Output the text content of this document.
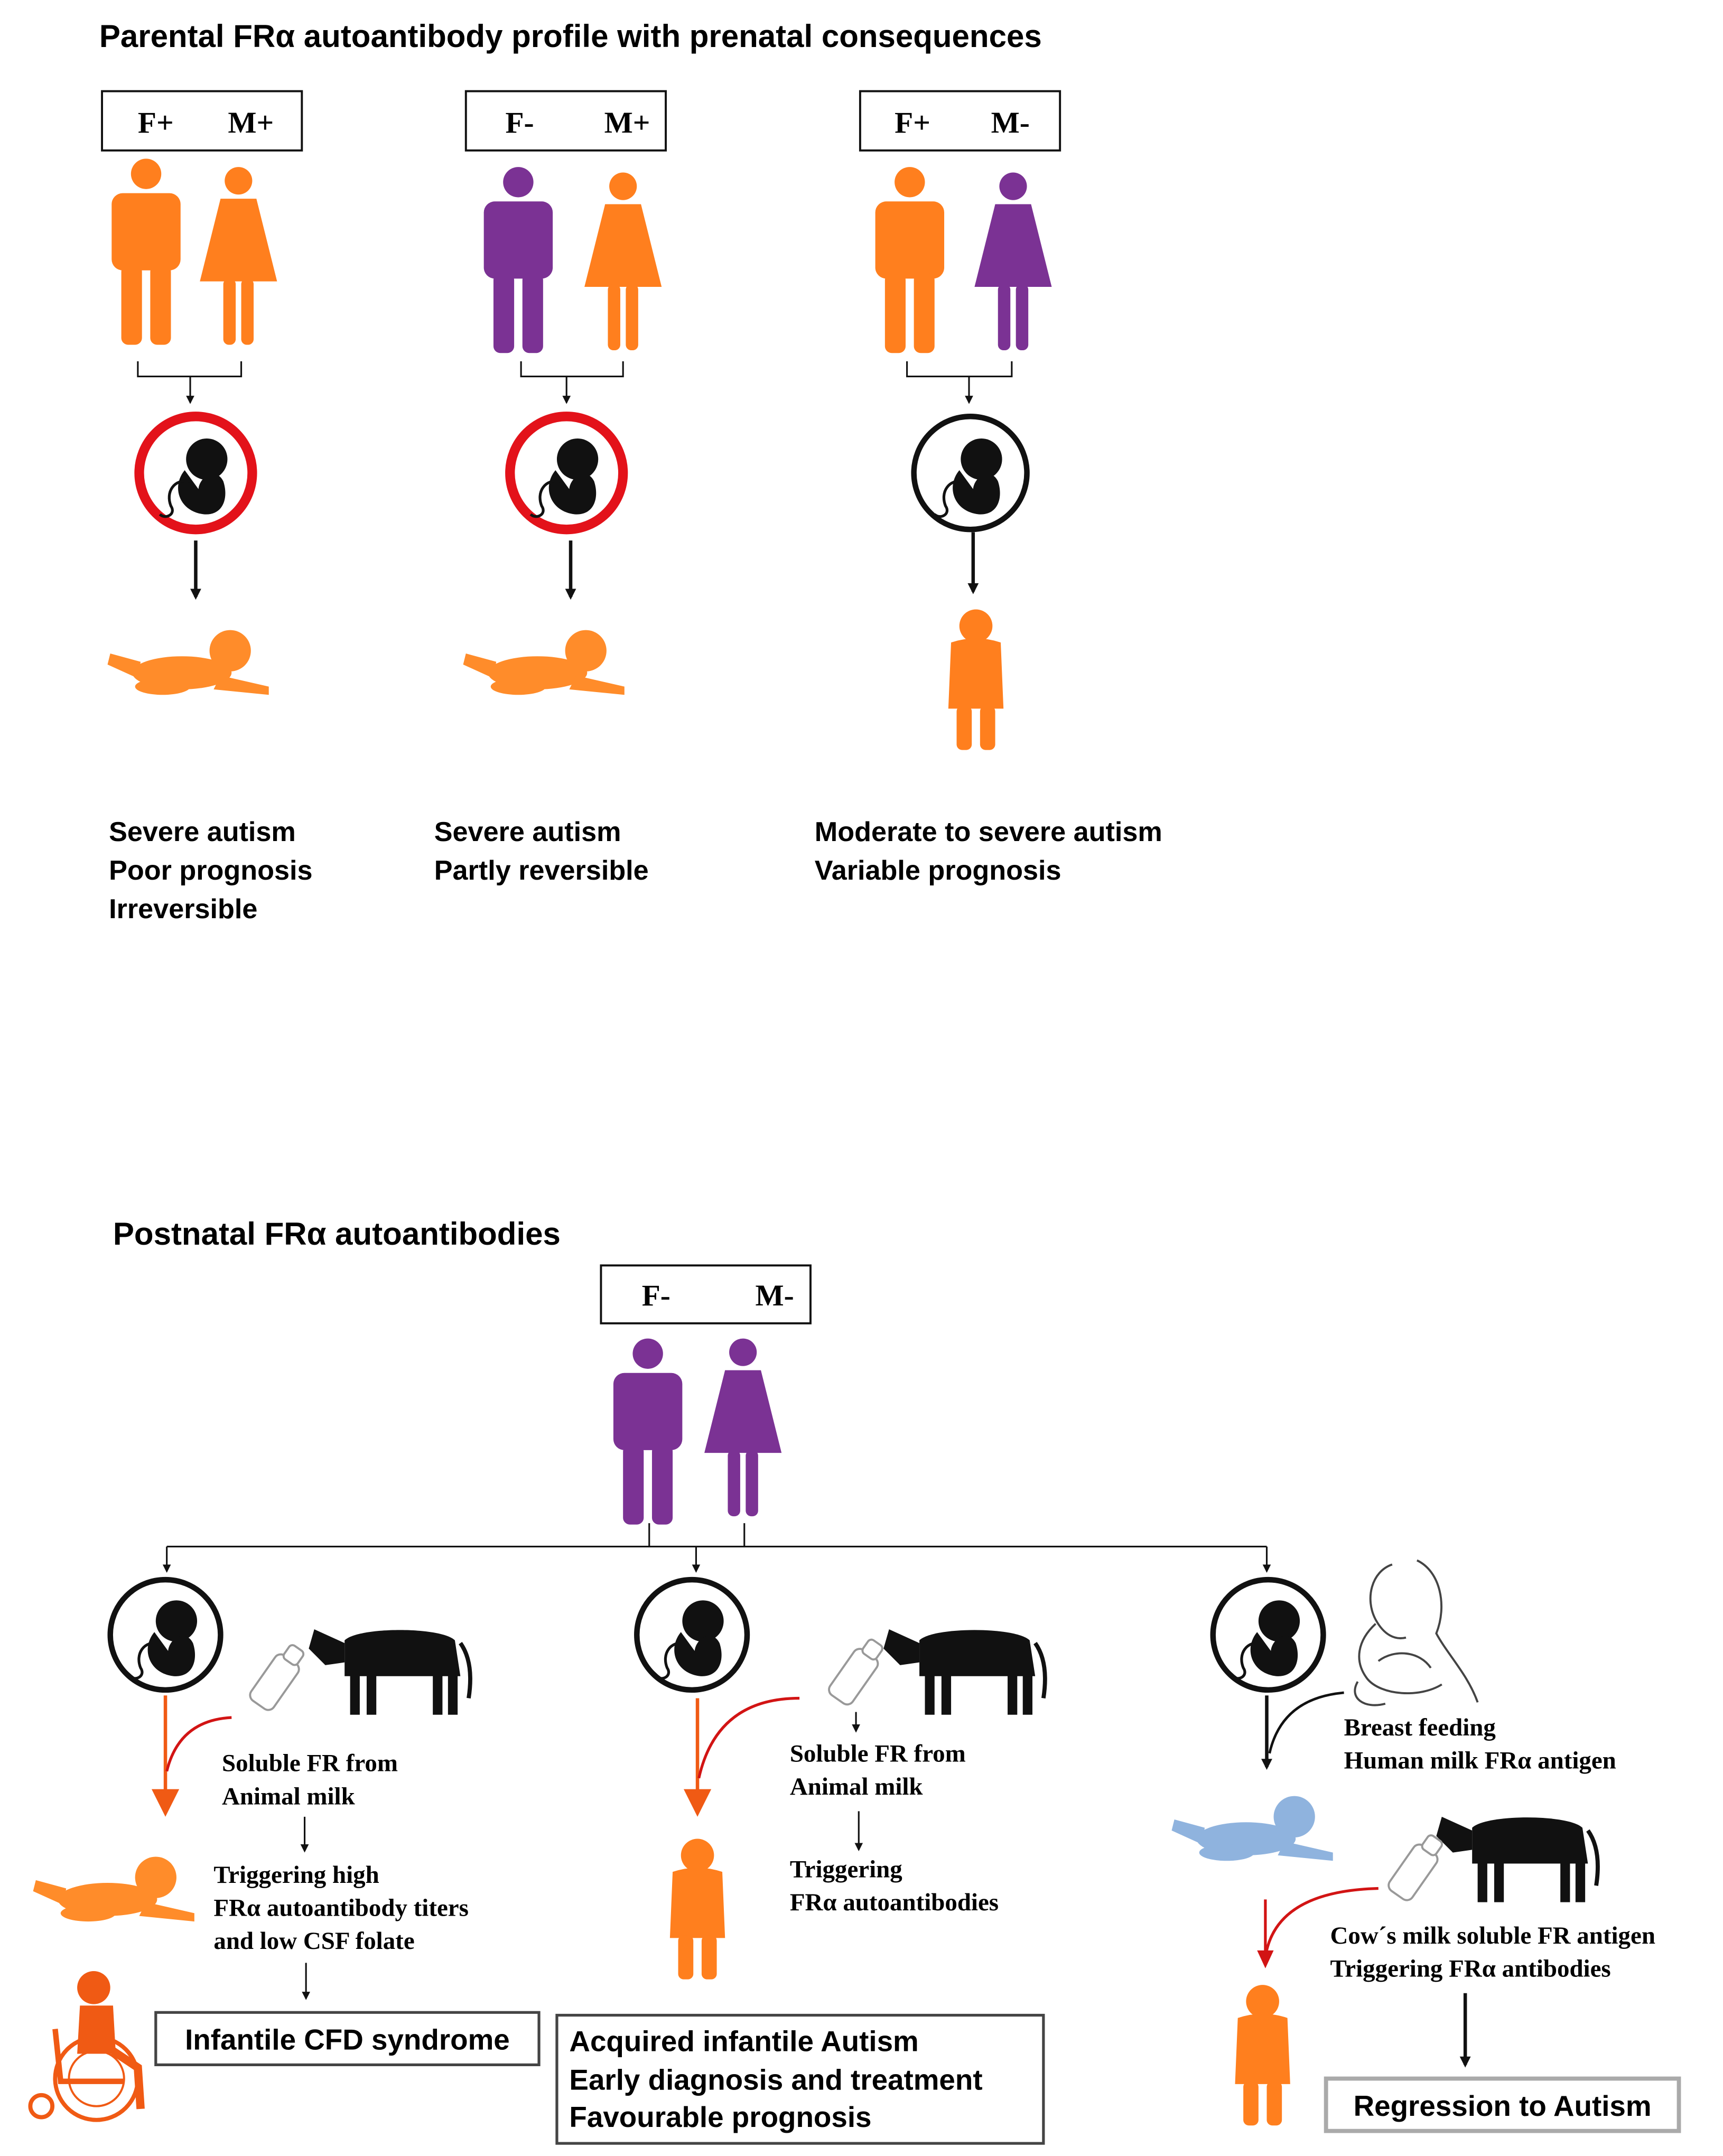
Parental FRα autoantibody profile with prenatal consequences
F+	M+
Severe autism
Poor prognosis
Irreversible
F-	M+
Severe autism
Partly reversible
F+	M-
Moderate to severe autism
Variable prognosis
Postnatal FRα autoantibodies
F-	M-
Soluble FR from
Animal milk
Triggering high
FRα autoantibody titers
and low CSF folate
Infantile CFD syndrome
Soluble FR from
Animal milk
Triggering
FRα autoantibodies
Acquired infantile Autism
Early diagnosis and treatment
Favourable prognosis
Breast feeding
Human milk FRα antigen
Cow´s milk soluble FR antigen
Triggering FRα antibodies
Regression to Autism
